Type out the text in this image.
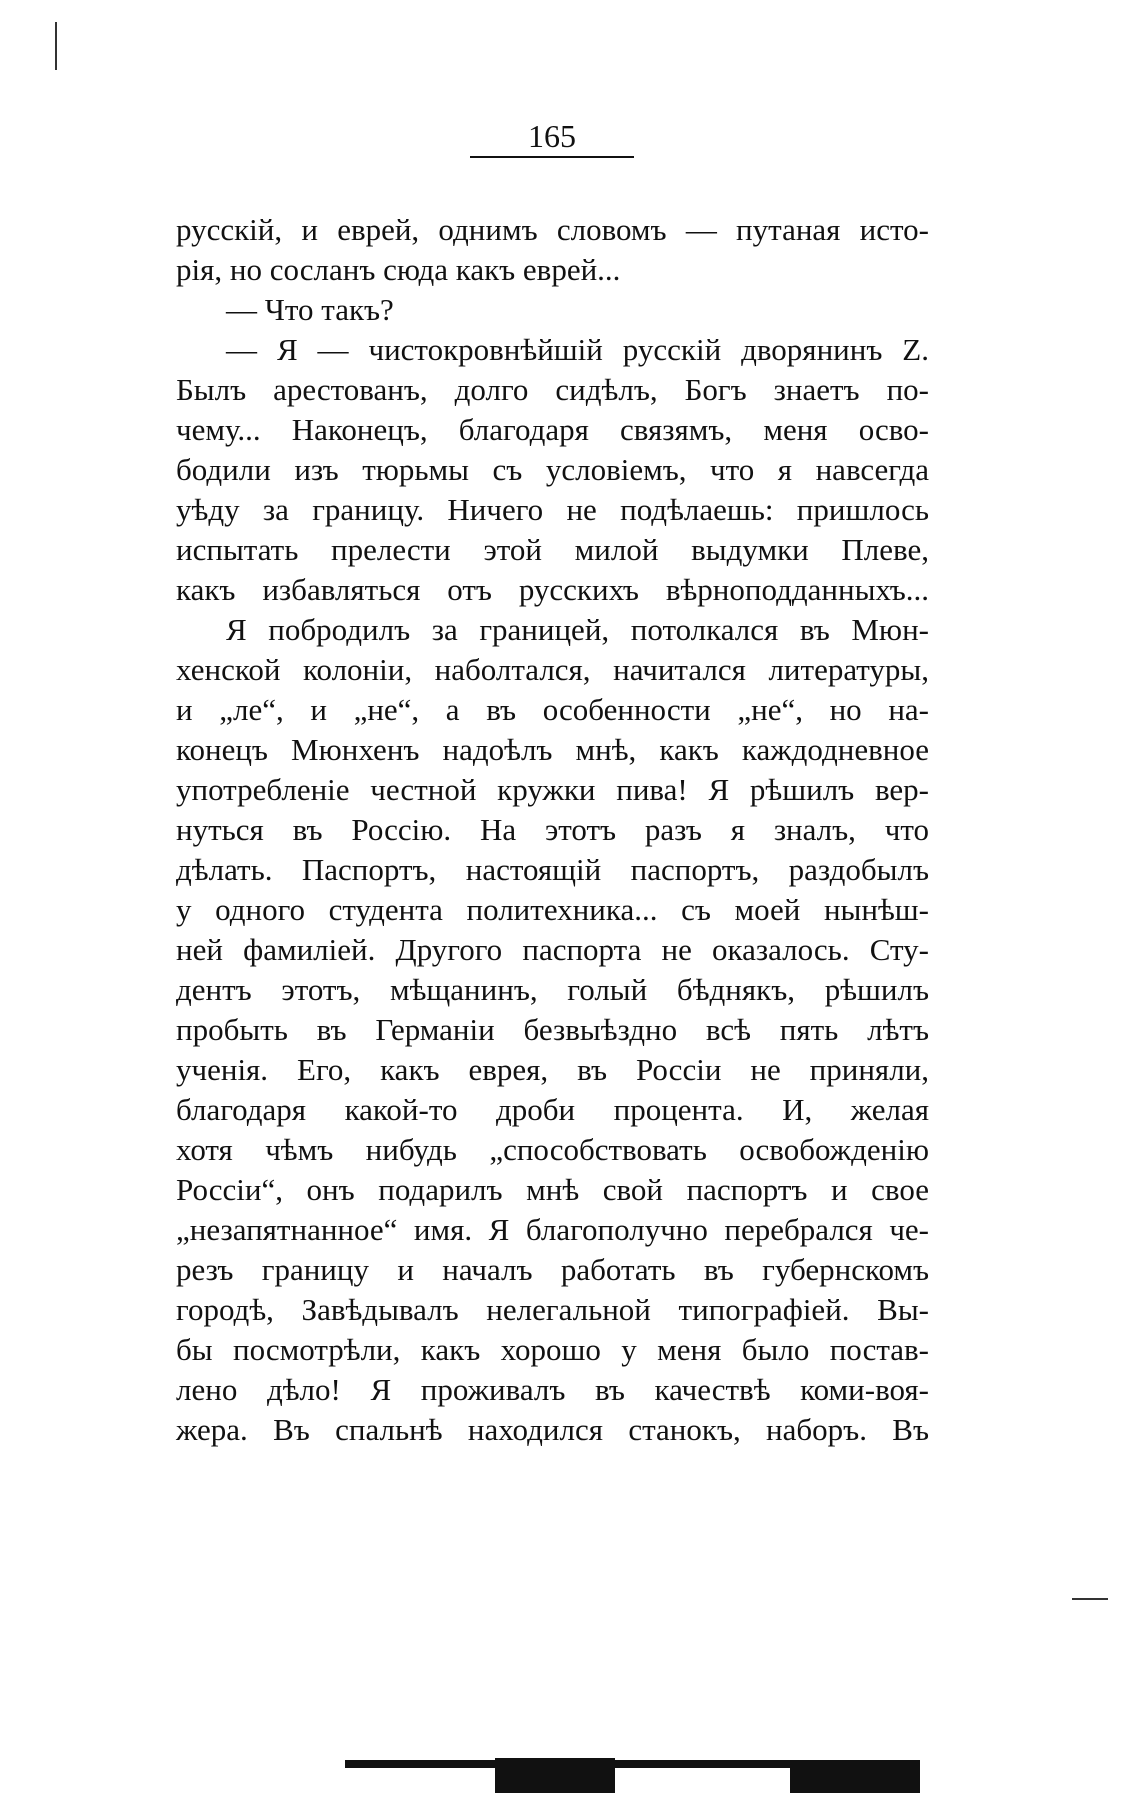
165
русскій, и еврей, однимъ словомъ — путаная исто-
рія, но сосланъ сюда какъ еврей...
— Что такъ?
— Я — чистокровнѣйшій русскій дворянинъ Z.
Былъ арестованъ, долго сидѣлъ, Богъ знаетъ по-
чему... Наконецъ, благодаря связямъ, меня осво-
бодили изъ тюрьмы съ условіемъ, что я навсегда
уѣду за границу. Ничего не подѣлаешь: пришлось
испытать прелести этой милой выдумки Плеве,
какъ избавляться отъ русскихъ вѣрноподданныхъ...
Я побродилъ за границей, потолкался въ Мюн-
хенской колоніи, наболтался, начитался литературы,
и „ле“, и „не“, а въ особенности „не“, но на-
конецъ Мюнхенъ надоѣлъ мнѣ, какъ каждодневное
употребленіе честной кружки пива! Я рѣшилъ вер-
нуться въ Россію. На этотъ разъ я зналъ, что
дѣлать. Паспортъ, настоящій паспортъ, раздобылъ
у одного студента политехника... съ моей нынѣш-
ней фамиліей. Другого паспорта не оказалось. Сту-
дентъ этотъ, мѣщанинъ, голый бѣднякъ, рѣшилъ
пробыть въ Германіи безвыѣздно всѣ пять лѣтъ
ученія. Его, какъ еврея, въ Россіи не приняли,
благодаря какой-то дроби процента. И, желая
хотя чѣмъ нибудь „способствовать освобожденію
Россіи“, онъ подарилъ мнѣ свой паспортъ и свое
„незапятнанное“ имя. Я благополучно перебрался че-
резъ границу и началъ работать въ губернскомъ
городѣ, Завѣдывалъ нелегальной типографіей. Вы-
бы посмотрѣли, какъ хорошо у меня было постав-
лено дѣло! Я проживалъ въ качествѣ коми-воя-
жера. Въ спальнѣ находился станокъ, наборъ. Въ
